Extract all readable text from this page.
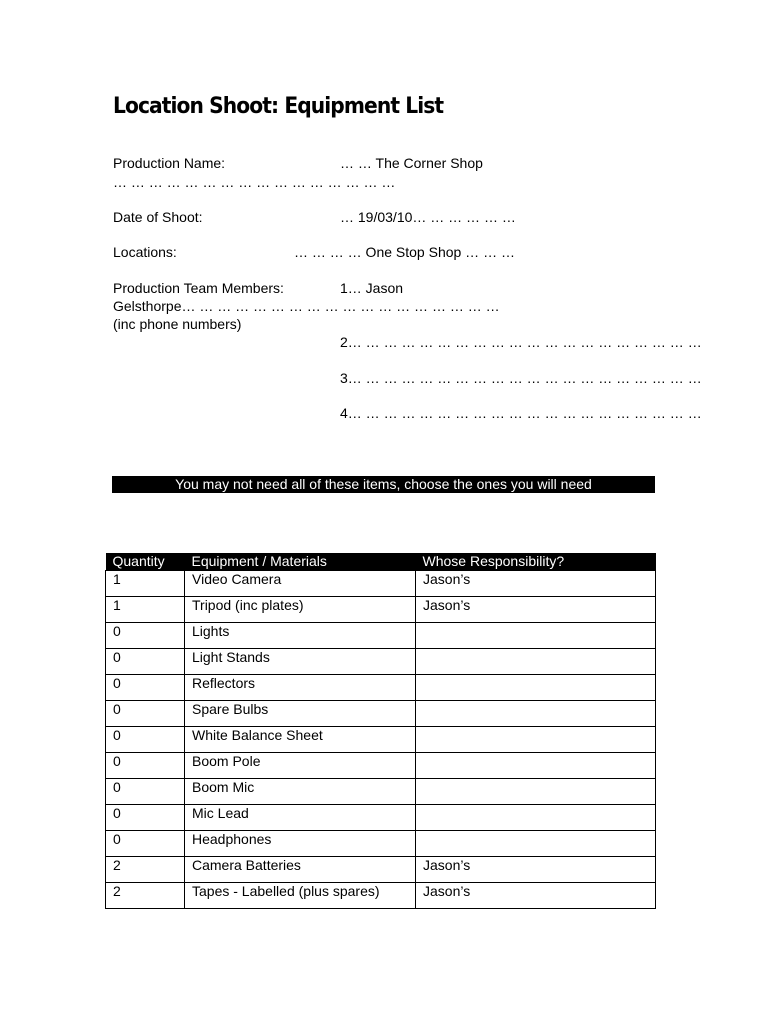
Location Shoot: Equipment List
Production Name:	… … The Corner Shop
… … … … … … … … … … … … … … … …
Date of Shoot:	… 19/03/10… … … … … …
Locations:	… … … … One Stop Shop … … …
Production Team Members:	1… Jason
Gelsthorpe… … … … … … … … … … … … … … … … … …
(inc phone numbers)
2… … … … … … … … … … … … … … … … … … … …
3… … … … … … … … … … … … … … … … … … … …
4… … … … … … … … … … … … … … … … … … … …
You may not need all of these items, choose the ones you will need
Quantity	Equipment / Materials	Whose Responsibility?
1	Video Camera	Jason’s
1	Tripod (inc plates)	Jason’s
0	Lights	
0	Light Stands	
0	Reflectors	
0	Spare Bulbs	
0	White Balance Sheet	
0	Boom Pole	
0	Boom Mic	
0	Mic Lead	
0	Headphones	
2	Camera Batteries	Jason’s
2	Tapes - Labelled (plus spares)	Jason’s
